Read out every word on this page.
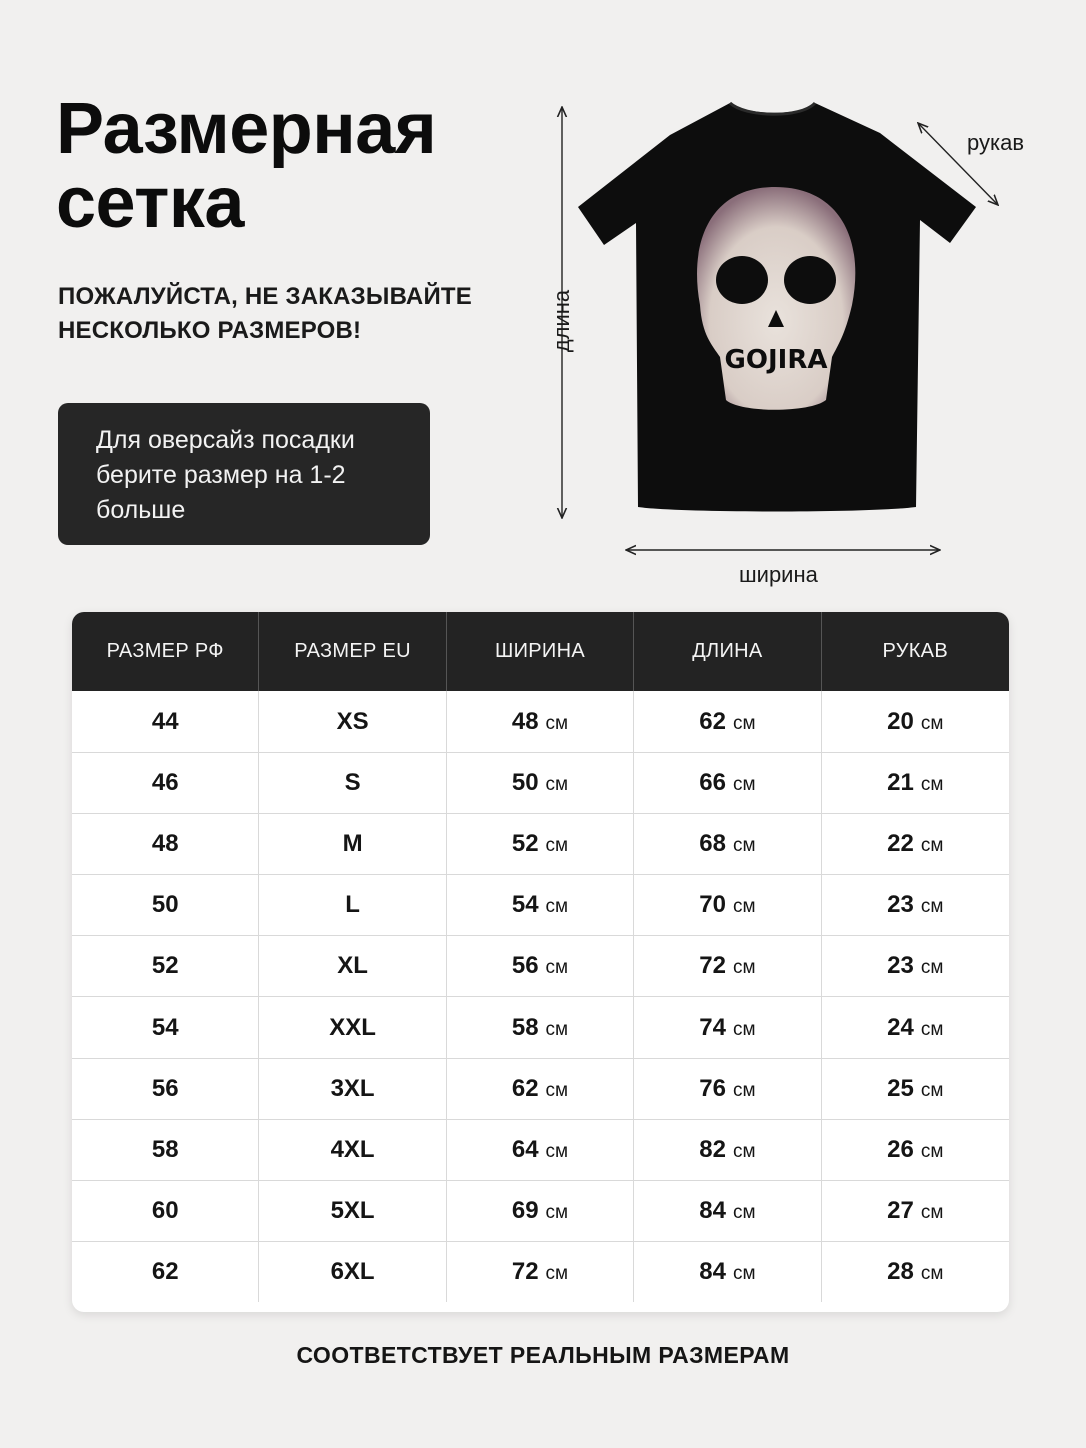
Размерная
сетка
ПОЖАЛУЙСТА, НЕ ЗАКАЗЫВАЙТЕ
НЕСКОЛЬКО РАЗМЕРОВ!
Для оверсайз посадки
берите размер на 1-2
больше
GOJIRA
рукав
ширина
длина
РАЗМЕР РФ	РАЗМЕР EU	ШИРИНА	ДЛИНА	РУКАВ
44	XS	48 см	62 см	20 см
46	S	50 см	66 см	21 см
48	M	52 см	68 см	22 см
50	L	54 см	70 см	23 см
52	XL	56 см	72 см	23 см
54	XXL	58 см	74 см	24 см
56	3XL	62 см	76 см	25 см
58	4XL	64 см	82 см	26 см
60	5XL	69 см	84 см	27 см
62	6XL	72 см	84 см	28 см
СООТВЕТСТВУЕТ РЕАЛЬНЫМ РАЗМЕРАМ
